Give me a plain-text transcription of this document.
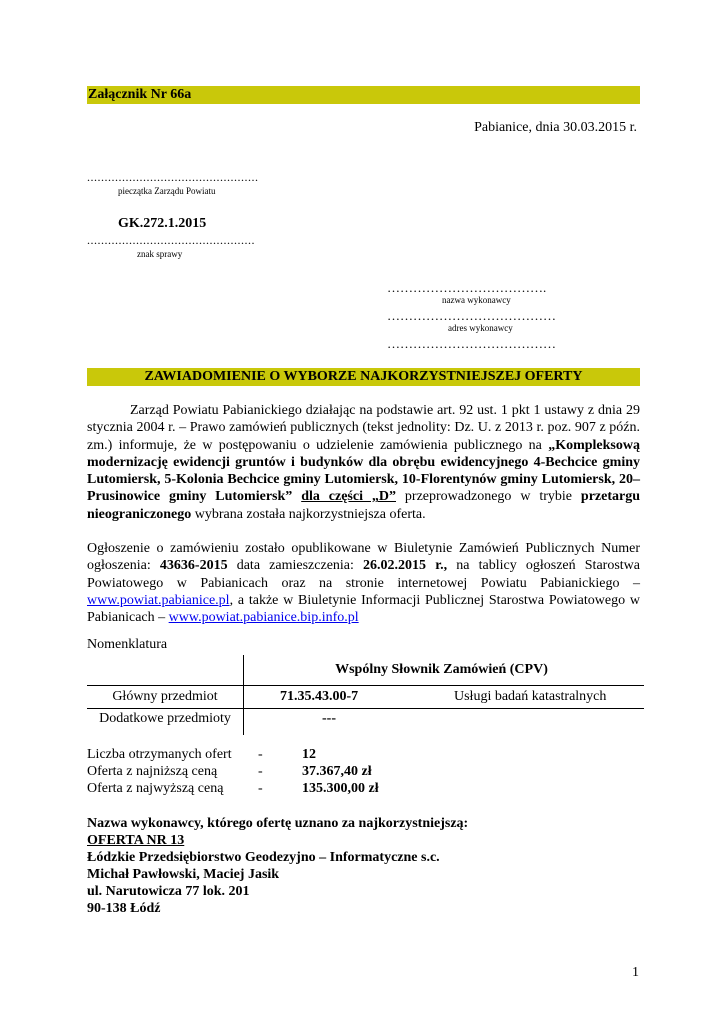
Załącznik Nr 66a
Pabianice, dnia 30.03.2015 r.
.................................................
pieczątka Zarządu Powiatu
GK.272.1.2015
................................................
znak sprawy
……………………………….
nazwa wykonawcy
…………………………………
adres wykonawcy
…………………………………
ZAWIADOMIENIE O WYBORZE NAJKORZYSTNIEJSZEJ OFERTY
Zarząd Powiatu Pabianickiego działając na podstawie art. 92 ust. 1 pkt 1 ustawy z dnia 29 stycznia 2004 r. – Prawo zamówień publicznych (tekst jednolity: Dz. U. z 2013 r. poz. 907 z późn. zm.) informuje, że w postępowaniu o udzielenie zamówienia publicznego na „Kompleksową modernizację ewidencji gruntów i budynków dla obrębu ewidencyjnego 4-Bechcice gminy Lutomiersk, 5-Kolonia Bechcice gminy Lutomiersk, 10-Florentynów gminy Lutomiersk, 20–Prusinowice gminy Lutomiersk” dla części „D” przeprowadzonego w trybie przetargu nieograniczonego wybrana została najkorzystniejsza oferta.
Ogłoszenie o zamówieniu zostało opublikowane w Biuletynie Zamówień Publicznych Numer ogłoszenia: 43636-2015 data zamieszczenia: 26.02.2015 r., na tablicy ogłoszeń Starostwa Powiatowego w Pabianicach oraz na stronie internetowej Powiatu Pabianickiego – www.powiat.pabianice.pl, a także w Biuletynie Informacji Publicznej Starostwa Powiatowego w Pabianicach – www.powiat.pabianice.bip.info.pl
Nomenklatura
Wspólny Słownik Zamówień (CPV)
Główny przedmiot	71.35.43.00-7	Usługi badań katastralnych
Dodatkowe przedmioty	---
Liczba otrzymanych ofert -	12
Oferta z najniższą ceną	-	37.367,40 zł
Oferta z najwyższą ceną -	135.300,00 zł
Nazwa wykonawcy, którego ofertę uznano za najkorzystniejszą:
OFERTA NR 13
Łódzkie Przedsiębiorstwo Geodezyjno – Informatyczne s.c.
Michał Pawłowski, Maciej Jasik
ul. Narutowicza 77 lok. 201
90-138 Łódź
1
